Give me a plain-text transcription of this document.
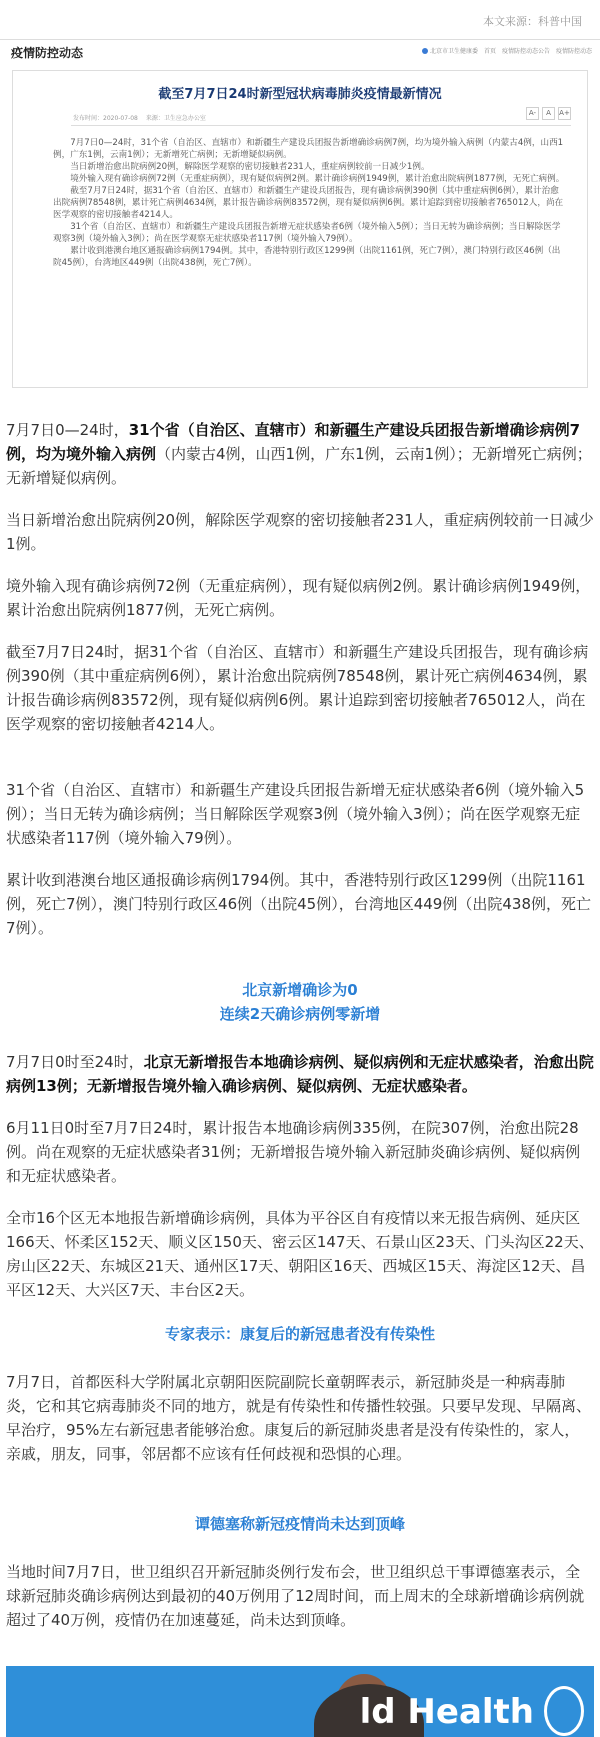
本文来源：科普中国
疫情防控动态	北京市卫生健康委 首页 疫情防控动态公告 疫情防控动态
截至7月7日24时新型冠状病毒肺炎疫情最新情况
发布时间：2020-07-08 来源：卫生应急办公室
A-	A	A+

7月7日0—24时，31个省（自治区、直辖市）和新疆生产建设兵团报告新增确诊病例7例，均为境外输入病例（内蒙古4例，山西1例，广东1例，云南1例）；无新增死亡病例；无新增疑似病例。

当日新增治愈出院病例20例，解除医学观察的密切接触者231人，重症病例较前一日减少1例。

境外输入现有确诊病例72例（无重症病例），现有疑似病例2例。累计确诊病例1949例，累计治愈出院病例1877例，无死亡病例。

截至7月7日24时，据31个省（自治区、直辖市）和新疆生产建设兵团报告，现有确诊病例390例（其中重症病例6例），累计治愈出院病例78548例，累计死亡病例4634例，累计报告确诊病例83572例，现有疑似病例6例。累计追踪到密切接触者765012人，尚在医学观察的密切接触者4214人。

31个省（自治区、直辖市）和新疆生产建设兵团报告新增无症状感染者6例（境外输入5例）；当日无转为确诊病例；当日解除医学观察3例（境外输入3例）；尚在医学观察无症状感染者117例（境外输入79例）。

累计收到港澳台地区通报确诊病例1794例。其中，香港特别行政区1299例（出院1161例，死亡7例），澳门特别行政区46例（出院45例），台湾地区449例（出院438例，死亡7例）。

7月7日0—24时，31个省（自治区、直辖市）和新疆生产建设兵团报告新增确诊病例7例，均为境外输入病例（内蒙古4例，山西1例，广东1例，云南1例）；无新增死亡病例；无新增疑似病例。
当日新增治愈出院病例20例，解除医学观察的密切接触者231人，重症病例较前一日减少1例。
境外输入现有确诊病例72例（无重症病例），现有疑似病例2例。累计确诊病例1949例，累计治愈出院病例1877例，无死亡病例。
截至7月7日24时，据31个省（自治区、直辖市）和新疆生产建设兵团报告，现有确诊病例390例（其中重症病例6例），累计治愈出院病例78548例，累计死亡病例4634例，累计报告确诊病例83572例，现有疑似病例6例。累计追踪到密切接触者765012人，尚在医学观察的密切接触者4214人。
31个省（自治区、直辖市）和新疆生产建设兵团报告新增无症状感染者6例（境外输入5例）；当日无转为确诊病例；当日解除医学观察3例（境外输入3例）；尚在医学观察无症状感染者117例（境外输入79例）。
累计收到港澳台地区通报确诊病例1794例。其中，香港特别行政区1299例（出院1161例，死亡7例），澳门特别行政区46例（出院45例），台湾地区449例（出院438例，死亡7例）。
北京新增确诊为0
连续2天确诊病例零新增
7月7日0时至24时，北京无新增报告本地确诊病例、疑似病例和无症状感染者，治愈出院病例13例；无新增报告境外输入确诊病例、疑似病例、无症状感染者。
6月11日0时至7月7日24时，累计报告本地确诊病例335例，在院307例，治愈出院28例。尚在观察的无症状感染者31例；无新增报告境外输入新冠肺炎确诊病例、疑似病例和无症状感染者。
全市16个区无本地报告新增确诊病例，具体为平谷区自有疫情以来无报告病例、延庆区166天、怀柔区152天、顺义区150天、密云区147天、石景山区23天、门头沟区22天、房山区22天、东城区21天、通州区17天、朝阳区16天、西城区15天、海淀区12天、昌平区12天、大兴区7天、丰台区2天。
专家表示：康复后的新冠患者没有传染性
7月7日，首都医科大学附属北京朝阳医院副院长童朝晖表示，新冠肺炎是一种病毒肺炎，它和其它病毒肺炎不同的地方，就是有传染性和传播性较强。只要早发现、早隔离、早治疗，95%左右新冠患者能够治愈。康复后的新冠肺炎患者是没有传染性的，家人，亲戚，朋友，同事，邻居都不应该有任何歧视和恐惧的心理。
谭德塞称新冠疫情尚未达到顶峰
当地时间7月7日，世卫组织召开新冠肺炎例行发布会，世卫组织总干事谭德塞表示，全球新冠肺炎确诊病例达到最初的40万例用了12周时间，而上周末的全球新增确诊病例就超过了40万例，疫情仍在加速蔓延，尚未达到顶峰。
ld Health
